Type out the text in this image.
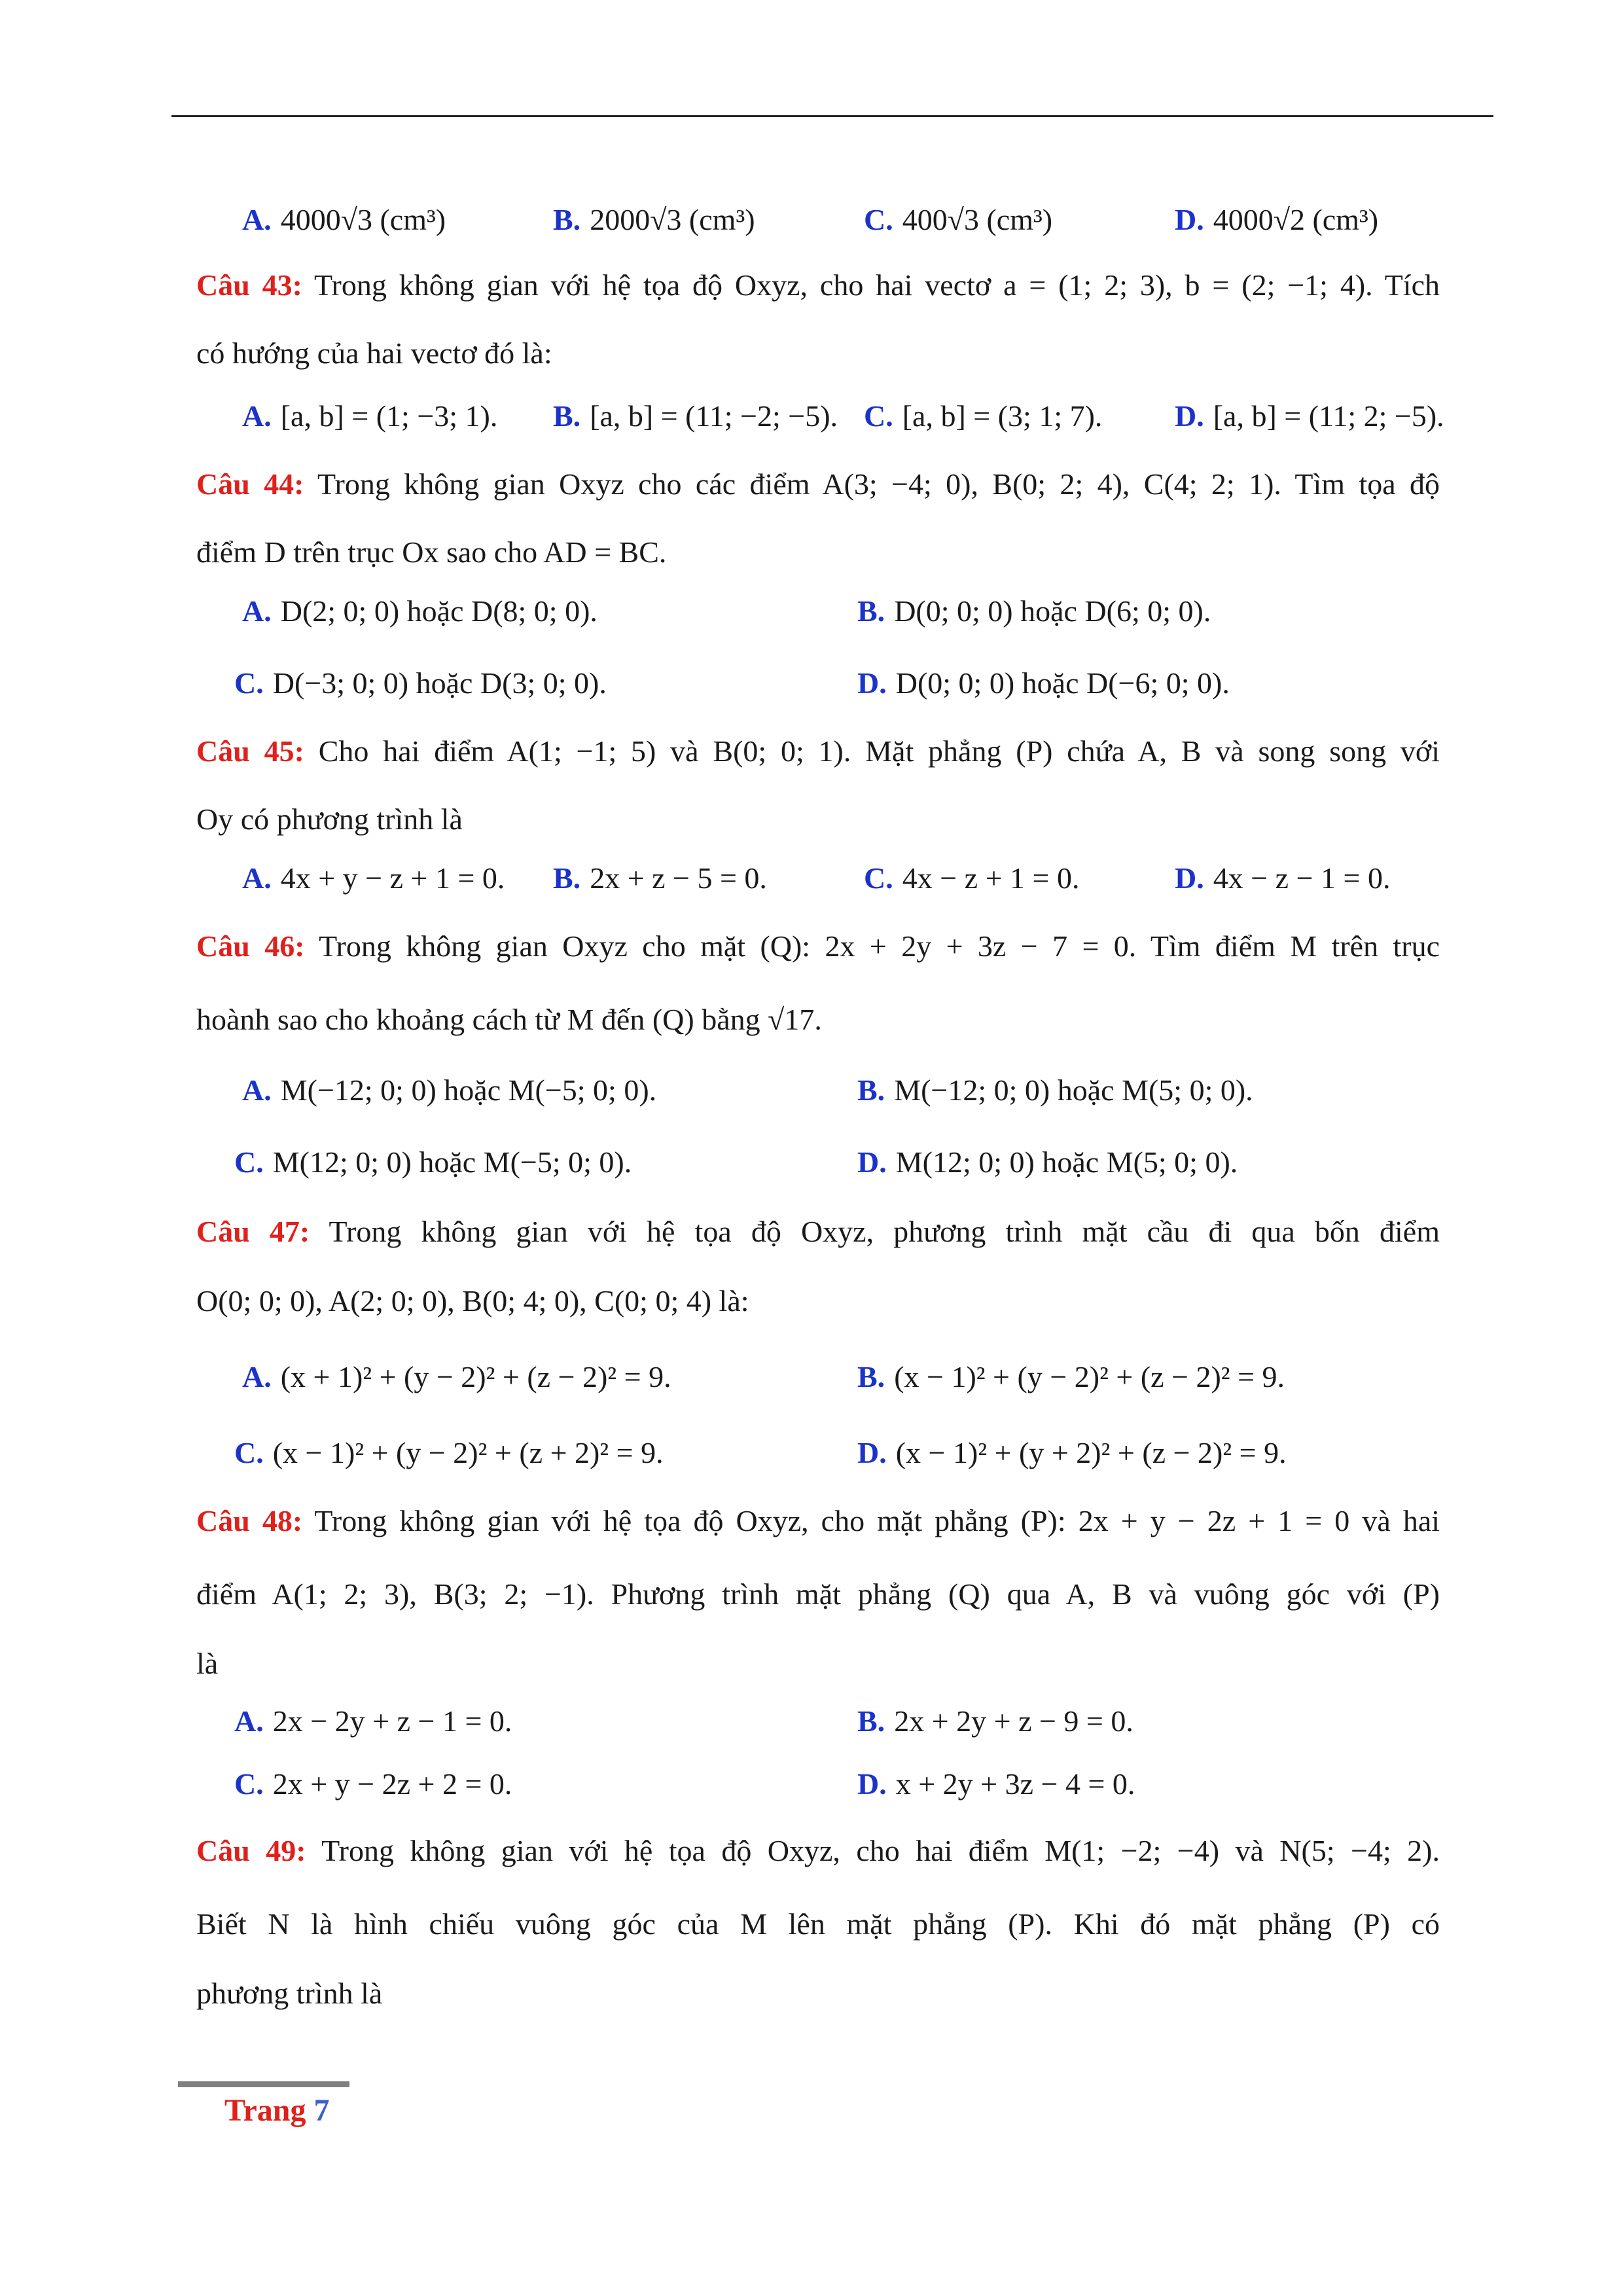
A. 4000√3 (cm³)	B. 2000√3 (cm³)	C. 400√3 (cm³)	D. 4000√2 (cm³)
Câu 43: Trong không gian với hệ tọa độ Oxyz, cho hai vectơ a = (1; 2; 3), b = (2; −1; 4). Tích
có hướng của hai vectơ đó là:
A. [a, b] = (1; −3; 1).	B. [a, b] = (11; −2; −5). C. [a, b] = (3; 1; 7).	D. [a, b] = (11; 2; −5).
Câu 44: Trong không gian Oxyz cho các điểm A(3; −4; 0), B(0; 2; 4), C(4; 2; 1). Tìm tọa độ
điểm D trên trục Ox sao cho AD = BC.
A. D(2; 0; 0) hoặc D(8; 0; 0).	B. D(0; 0; 0) hoặc D(6; 0; 0).
C. D(−3; 0; 0) hoặc D(3; 0; 0).	D. D(0; 0; 0) hoặc D(−6; 0; 0).
Câu 45: Cho hai điểm A(1; −1; 5) và B(0; 0; 1). Mặt phẳng (P) chứa A, B và song song với
Oy có phương trình là
A. 4x + y − z + 1 = 0.	B. 2x + z − 5 = 0.	C. 4x − z + 1 = 0.	D. 4x − z − 1 = 0.
Câu 46: Trong không gian Oxyz cho mặt (Q): 2x + 2y + 3z − 7 = 0. Tìm điểm M trên trục
hoành sao cho khoảng cách từ M đến (Q) bằng √17.
A. M(−12; 0; 0) hoặc M(−5; 0; 0).	B. M(−12; 0; 0) hoặc M(5; 0; 0).
C. M(12; 0; 0) hoặc M(−5; 0; 0).	D. M(12; 0; 0) hoặc M(5; 0; 0).
Câu 47: Trong không gian với hệ tọa độ Oxyz, phương trình mặt cầu đi qua bốn điểm
O(0; 0; 0), A(2; 0; 0), B(0; 4; 0), C(0; 0; 4) là:
A. (x + 1)² + (y − 2)² + (z − 2)² = 9.	B. (x − 1)² + (y − 2)² + (z − 2)² = 9.
C. (x − 1)² + (y − 2)² + (z + 2)² = 9.	D. (x − 1)² + (y + 2)² + (z − 2)² = 9.
Câu 48: Trong không gian với hệ tọa độ Oxyz, cho mặt phẳng (P): 2x + y − 2z + 1 = 0 và hai
điểm A(1; 2; 3), B(3; 2; −1). Phương trình mặt phẳng (Q) qua A, B và vuông góc với (P)
là
A. 2x − 2y + z − 1 = 0.	B. 2x + 2y + z − 9 = 0.
C. 2x + y − 2z + 2 = 0.	D. x + 2y + 3z − 4 = 0.
Câu 49: Trong không gian với hệ tọa độ Oxyz, cho hai điểm M(1; −2; −4) và N(5; −4; 2).
Biết N là hình chiếu vuông góc của M lên mặt phẳng (P). Khi đó mặt phẳng (P) có
phương trình là
Trang 7
